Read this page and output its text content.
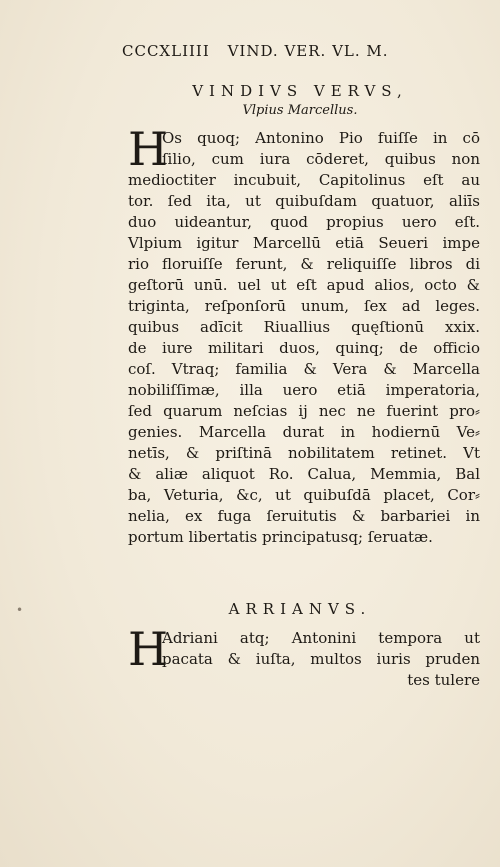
CCCXLIIII VIND. VER. VL. M.
VINDIVS VERVS,
Vlpius Marcellus.
H
Os quoq; Antonino Pio fuiſſe in cō
ſilio, cum iura cōderet, quibus non
medioctiter incubuit, Capitolinus eſt au
tor. ſed ita, ut quibuſdam quatuor, aliīs
duo uideantur, quod propius uero eſt.
Vlpium igitur Marcellū etiā Seueri impe
rio floruiſſe ferunt, & reliquiſſe libros di
geſtorū unū. uel ut eſt apud alios, octo &
triginta, reſponſorū unum, ſex ad leges.
quibus adīcit Riuallius quęſtionū xxix.
de iure militari duos, quinq; de officio
coſ. Vtraq; familia & Vera & Marcella
nobiliſſimæ, illa uero etiā imperatoria,
ſed quarum neſcias ij nec ne fuerint pro⸗
genies. Marcella durat in hodiernū Ve⸗
netīs, & priſtinā nobilitatem retinet. Vt
& aliæ aliquot Ro. Calua, Memmia, Bal
ba, Veturia, &c, ut quibuſdā placet, Cor⸗
nelia, ex fuga ſeruitutis & barbariei in
portum libertatis principatusq; ſeruatæ.
ARRIANVS.
H
Adriani atq; Antonini tempora ut
pacata & iuſta, multos iuris pruden
tes tulere
•
